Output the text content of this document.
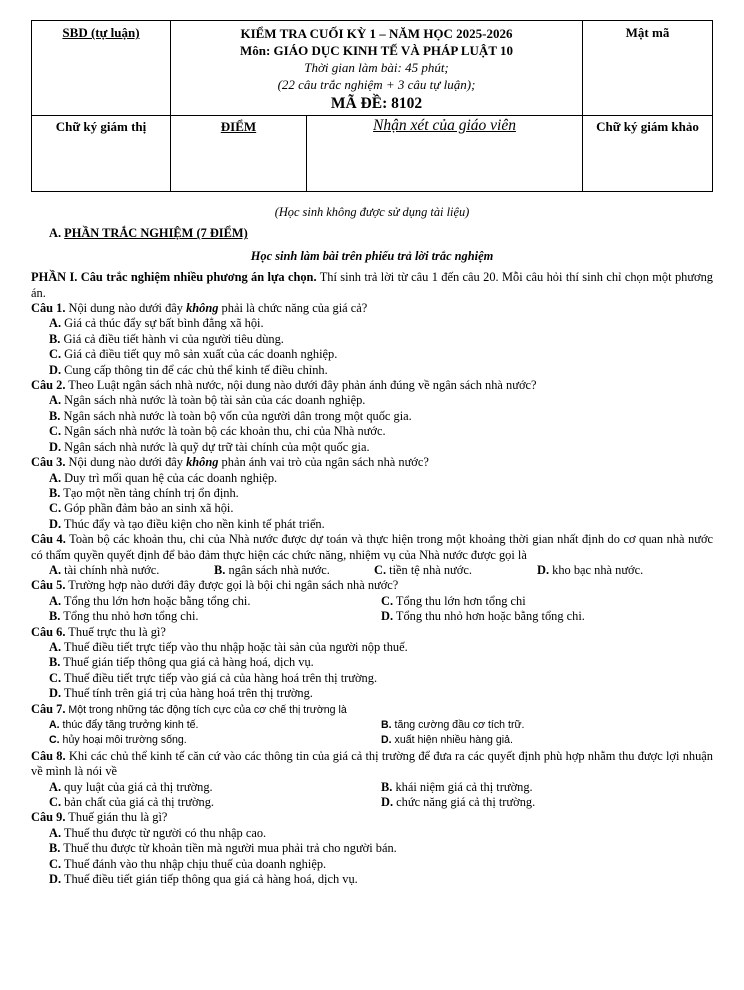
SBD (tự luận)	KIỂM TRA CUỐI KỲ 1 – NĂM HỌC 2025-2026
Môn: GIÁO DỤC KINH TẾ VÀ PHÁP LUẬT 10
Thời gian làm bài: 45 phút;
(22 câu trắc nghiệm + 3 câu tự luận);
MÃ ĐỀ: 8102		Mật mã
Chữ ký giám thị	ĐIỂM	Nhận xét của giáo viên	Chữ ký giám khảo
(Học sinh không được sử dụng tài liệu)
A. PHẦN TRẮC NGHIỆM (7 ĐIỂM)
Học sinh làm bài trên phiếu trả lời trắc nghiệm
PHẦN I. Câu trắc nghiệm nhiều phương án lựa chọn. Thí sinh trả lời từ câu 1 đến câu 20. Mỗi câu hỏi thí sinh chỉ chọn một phương án.
Câu 1. Nội dung nào dưới đây không phải là chức năng của giá cả?
A. Giá cả thúc đẩy sự bất bình đẳng xã hội.
B. Giá cả điều tiết hành vi của người tiêu dùng.
C. Giá cả điều tiết quy mô sản xuất của các doanh nghiệp.
D. Cung cấp thông tin để các chủ thể kinh tế điều chỉnh.
Câu 2. Theo Luật ngân sách nhà nước, nội dung nào dưới đây phản ánh đúng về ngân sách nhà nước?
A. Ngân sách nhà nước là toàn bộ tài sản của các doanh nghiệp.
B. Ngân sách nhà nước là toàn bộ vốn của người dân trong một quốc gia.
C. Ngân sách nhà nước là toàn bộ các khoản thu, chi của Nhà nước.
D. Ngân sách nhà nước là quỹ dự trữ tài chính của một quốc gia.
Câu 3. Nội dung nào dưới đây không phản ánh vai trò của ngân sách nhà nước?
A. Duy trì mối quan hệ của các doanh nghiệp.
B. Tạo một nền tảng chính trị ổn định.
C. Góp phần đảm bảo an sinh xã hội.
D. Thúc đẩy và tạo điều kiện cho nền kinh tế phát triển.
Câu 4. Toàn bộ các khoản thu, chi của Nhà nước được dự toán và thực hiện trong một khoảng thời gian nhất định do cơ quan nhà nước có thẩm quyền quyết định để bảo đảm thực hiện các chức năng, nhiệm vụ của Nhà nước được gọi là
A. tài chính nhà nước.	B. ngân sách nhà nước.	C. tiền tệ nhà nước.	D. kho bạc nhà nước.
Câu 5. Trường hợp nào dưới đây được gọi là bội chi ngân sách nhà nước?
A. Tổng thu lớn hơn hoặc bằng tổng chi.	C. Tổng thu lớn hơn tổng chi
B. Tổng thu nhỏ hơn tổng chi.	D. Tổng thu nhỏ hơn hoặc bằng tổng chi.
Câu 6. Thuế trực thu là gì?
A. Thuế điều tiết trực tiếp vào thu nhập hoặc tài sản của người nộp thuế.
B. Thuế gián tiếp thông qua giá cả hàng hoá, dịch vụ.
C. Thuế điều tiết trực tiếp vào giá cả của hàng hoá trên thị trường.
D. Thuế tính trên giá trị của hàng hoá trên thị trường.
Câu 7. Một trong những tác động tích cực của cơ chế thị trường là
A. thúc đẩy tăng trưởng kinh tế.	B. tăng cường đầu cơ tích trữ.
C. hủy hoại môi trường sống.	D. xuất hiện nhiều hàng giả.
Câu 8. Khi các chủ thể kinh tế căn cứ vào các thông tin của giá cả thị trường để đưa ra các quyết định phù hợp nhằm thu được lợi nhuận về mình là nói về
A. quy luật của giá cả thị trường.	B. khái niệm giá cả thị trường.
C. bản chất của giá cả thị trường.	D. chức năng giá cả thị trường.
Câu 9. Thuế gián thu là gì?
A. Thuế thu được từ người có thu nhập cao.
B. Thuế thu được từ khoản tiền mà người mua phải trả cho người bán.
C. Thuế đánh vào thu nhập chịu thuế của doanh nghiệp.
D. Thuế điều tiết gián tiếp thông qua giá cả hàng hoá, dịch vụ.
